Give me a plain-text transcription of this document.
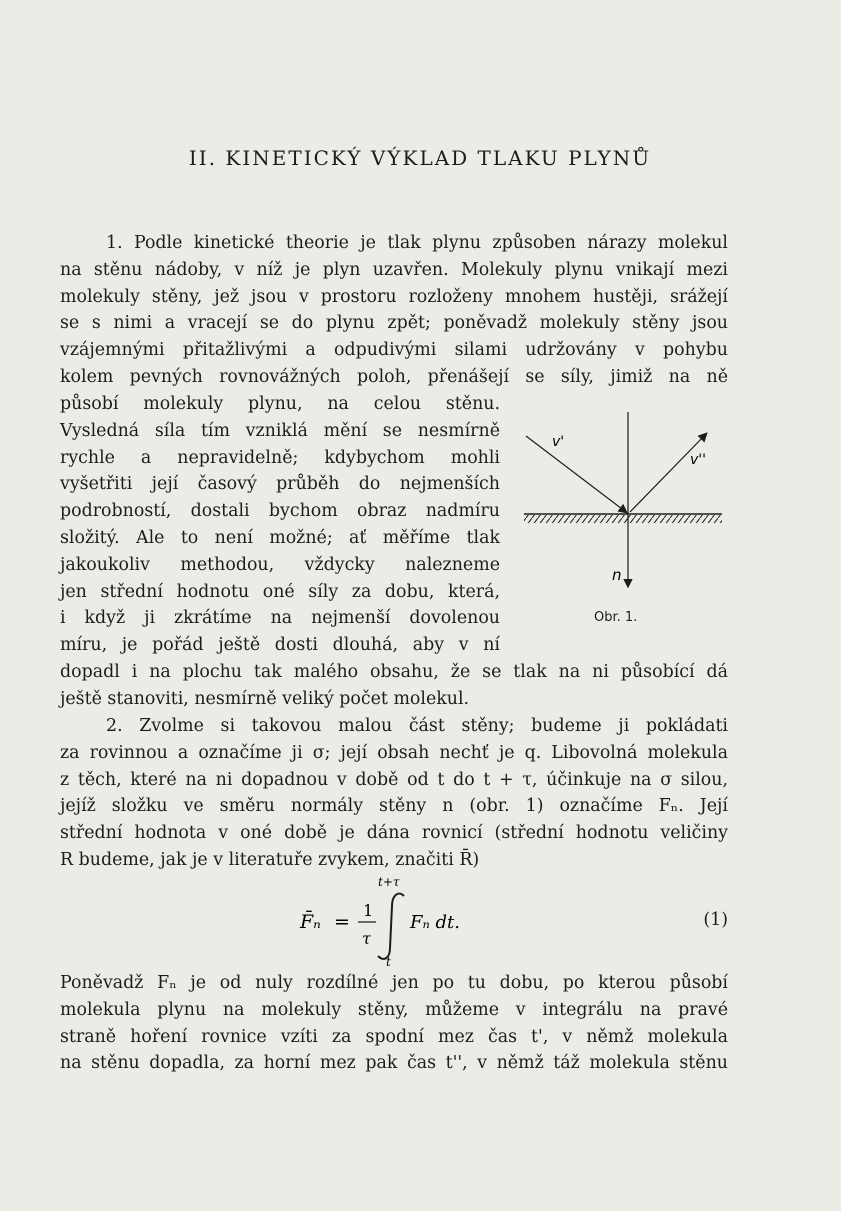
II. KINETICKÝ VÝKLAD TLAKU PLYNŮ
1. Podle kinetické theorie je tlak plynu způsoben nárazy molekul
na stěnu nádoby, v níž je plyn uzavřen. Molekuly plynu vnikají mezi
molekuly stěny, jež jsou v prostoru rozloženy mnohem hustěji, srážejí
se s nimi a vracejí se do plynu zpět; poněvadž molekuly stěny jsou
vzájemnými přitažlivými a odpudivými silami udržovány v pohybu
kolem pevných rovnovážných poloh, přenášejí se síly, jimiž na ně
působí molekuly plynu, na celou stěnu.
Vysledná síla tím vzniklá mění se nesmírně
rychle a nepravidelně; kdybychom mohli
vyšetřiti její časový průběh do nejmenších
podrobností, dostali bychom obraz nadmíru
složitý. Ale to není možné; ať měříme tlak
jakoukoliv methodou, vždycky nalezneme
jen střední hodnotu oné síly za dobu, která,
i když ji zkrátíme na nejmenší dovolenou
míru, je pořád ještě dosti dlouhá, aby v ní
dopadl i na plochu tak malého obsahu, že se tlak na ni působící dá
ještě stanoviti, nesmírně veliký počet molekul.
v'
v''
n
Obr. 1.
2. Zvolme si takovou malou část stěny; budeme ji pokládati
za rovinnou a označíme ji σ; její obsah nechť je q. Libovolná molekula
z těch, které na ni dopadnou v době od t do t + τ, účinkuje na σ silou,
jejíž složku ve směru normály stěny n (obr. 1) označíme Fₙ. Její
střední hodnota v oné době je dána rovnicí (střední hodnotu veličiny
R budeme, jak je v literatuře zvykem, značiti R̄)
F̄ₙ =
1
τ
t+τ
t
Fₙ dt.	(1)
Poněvadž Fₙ je od nuly rozdílné jen po tu dobu, po kterou působí
molekula plynu na molekuly stěny, můžeme v integrálu na pravé
straně hoření rovnice vzíti za spodní mez čas t', v němž molekula
na stěnu dopadla, za horní mez pak čas t'', v němž táž molekula stěnu
